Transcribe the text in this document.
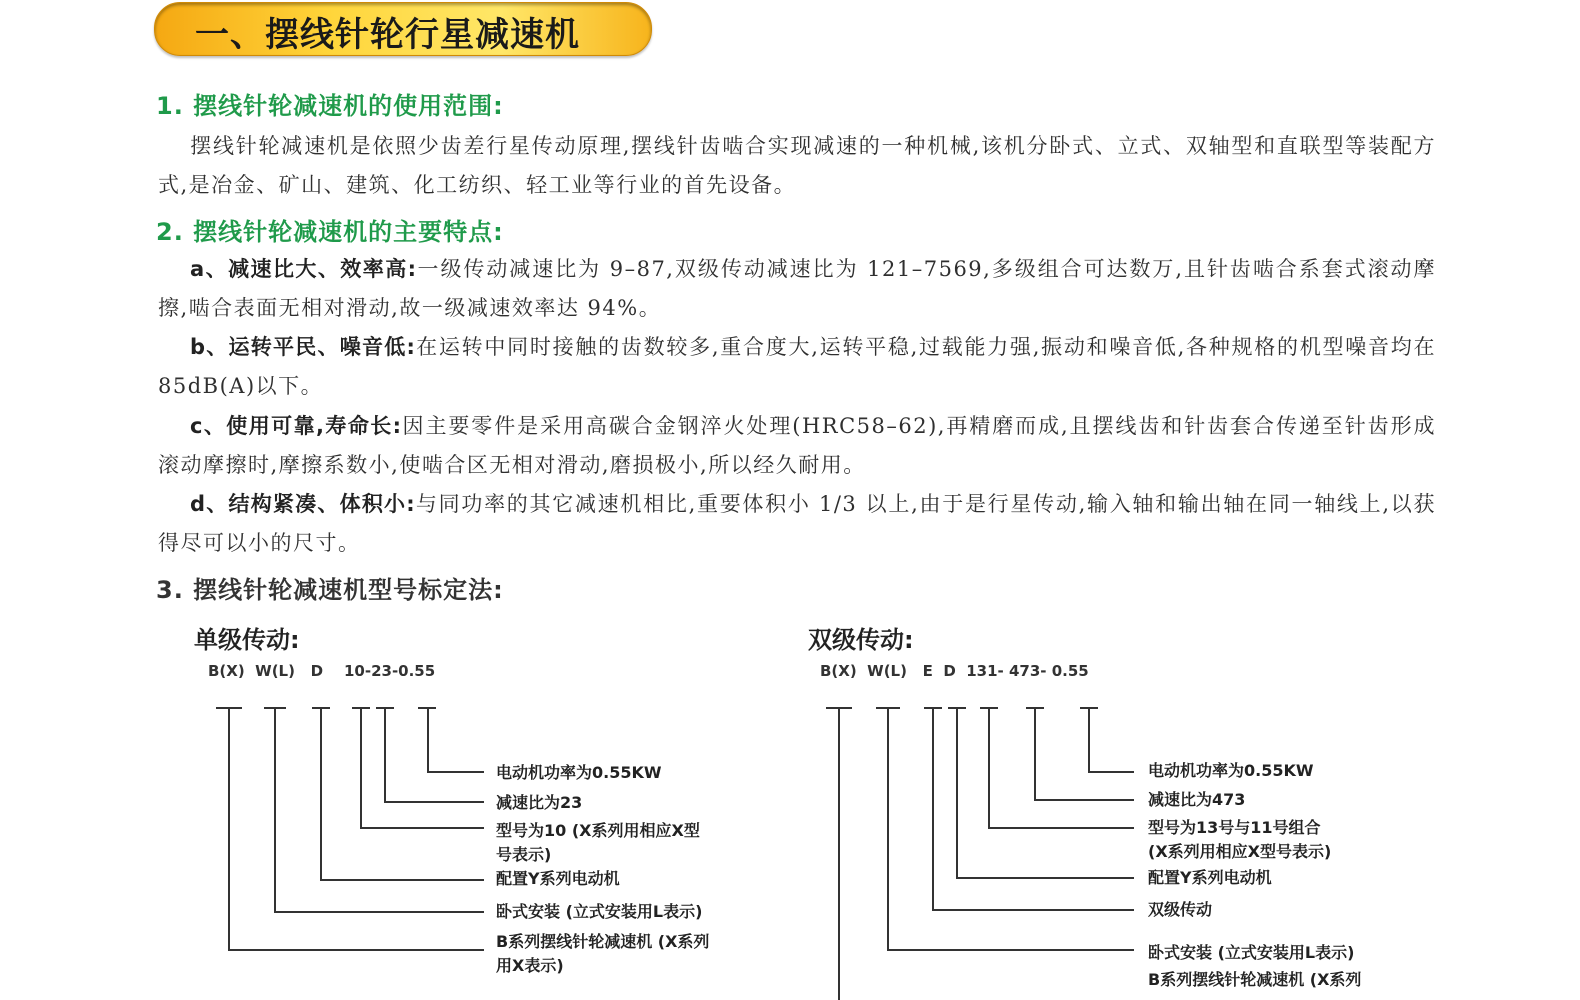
一、摆线针轮行星减速机
1. 摆线针轮减速机的使用范围:
摆线针轮减速机是依照少齿差行星传动原理,摆线针齿啮合实现减速的一种机械,该机分卧式、立式、双轴型和直联型等装配方式,是冶金、矿山、建筑、化工纺织、轻工业等行业的首先设备。
2. 摆线针轮减速机的主要特点:
a、减速比大、效率高:一级传动减速比为 9–87,双级传动减速比为 121–7569,多级组合可达数万,且针齿啮合系套式滚动摩擦,啮合表面无相对滑动,故一级减速效率达 94%。
b、运转平民、噪音低:在运转中同时接触的齿数较多,重合度大,运转平稳,过载能力强,振动和噪音低,各种规格的机型噪音均在 85dB(A)以下。
c、使用可靠,寿命长:因主要零件是采用高碳合金钢淬火处理(HRC58–62),再精磨而成,且摆线齿和针齿套合传递至针齿形成滚动摩擦时,摩擦系数小,使啮合区无相对滑动,磨损极小,所以经久耐用。
d、结构紧凑、体积小:与同功率的其它减速机相比,重要体积小 1/3 以上,由于是行星传动,输入轴和输出轴在同一轴线上,以获得尽可以小的尺寸。
3. 摆线针轮减速机型号标定法:
单级传动:
B(X)  W(L)   D    10-23-0.55
双级传动:
B(X)  W(L)   E  D  131- 473- 0.55
电动机功率为0.55KW
减速比为23
型号为10 (X系列用相应X型
号表示)
配置Y系列电动机
卧式安装 (立式安装用L表示)
B系列摆线针轮减速机 (X系列
用X表示)
电动机功率为0.55KW
减速比为473
型号为13号与11号组合
(X系列用相应X型号表示)
配置Y系列电动机
双级传动
卧式安装 (立式安装用L表示)
B系列摆线针轮减速机 (X系列
